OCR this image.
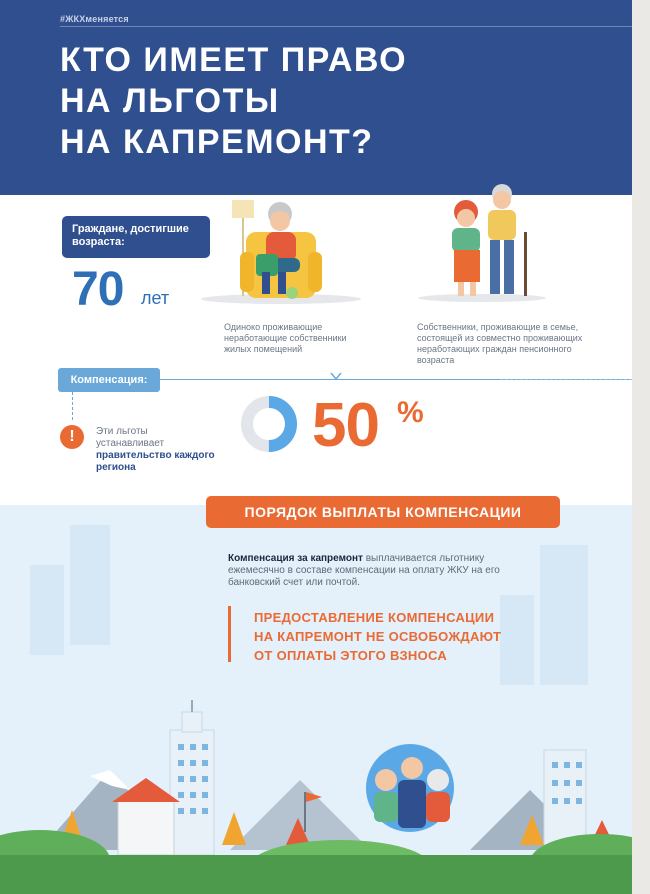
#ЖКХменяется
КТО ИМЕЕТ ПРАВО
НА ЛЬГОТЫ
НА КАПРЕМОНТ?
Граждане, достигшие возраста:
70 лет
Одиноко проживающие неработающие собственники жилых помещений
Собственники, проживающие в семье, состоящей из совместно проживающих неработающих граждан пенсионного возраста
Компенсация:
!	Эти льготы устанавливает правительство каждого региона
50 %
ПОРЯДОК ВЫПЛАТЫ КОМПЕНСАЦИИ
Компенсация за капремонт выплачивается льготнику ежемесячно в составе компенсации на оплату ЖКУ на его банковский счет или почтой.
ПРЕДОСТАВЛЕНИЕ КОМПЕНСАЦИИ
НА КАПРЕМОНТ НЕ ОСВОБОЖДАЮТ
ОТ ОПЛАТЫ ЭТОГО ВЗНОСА
